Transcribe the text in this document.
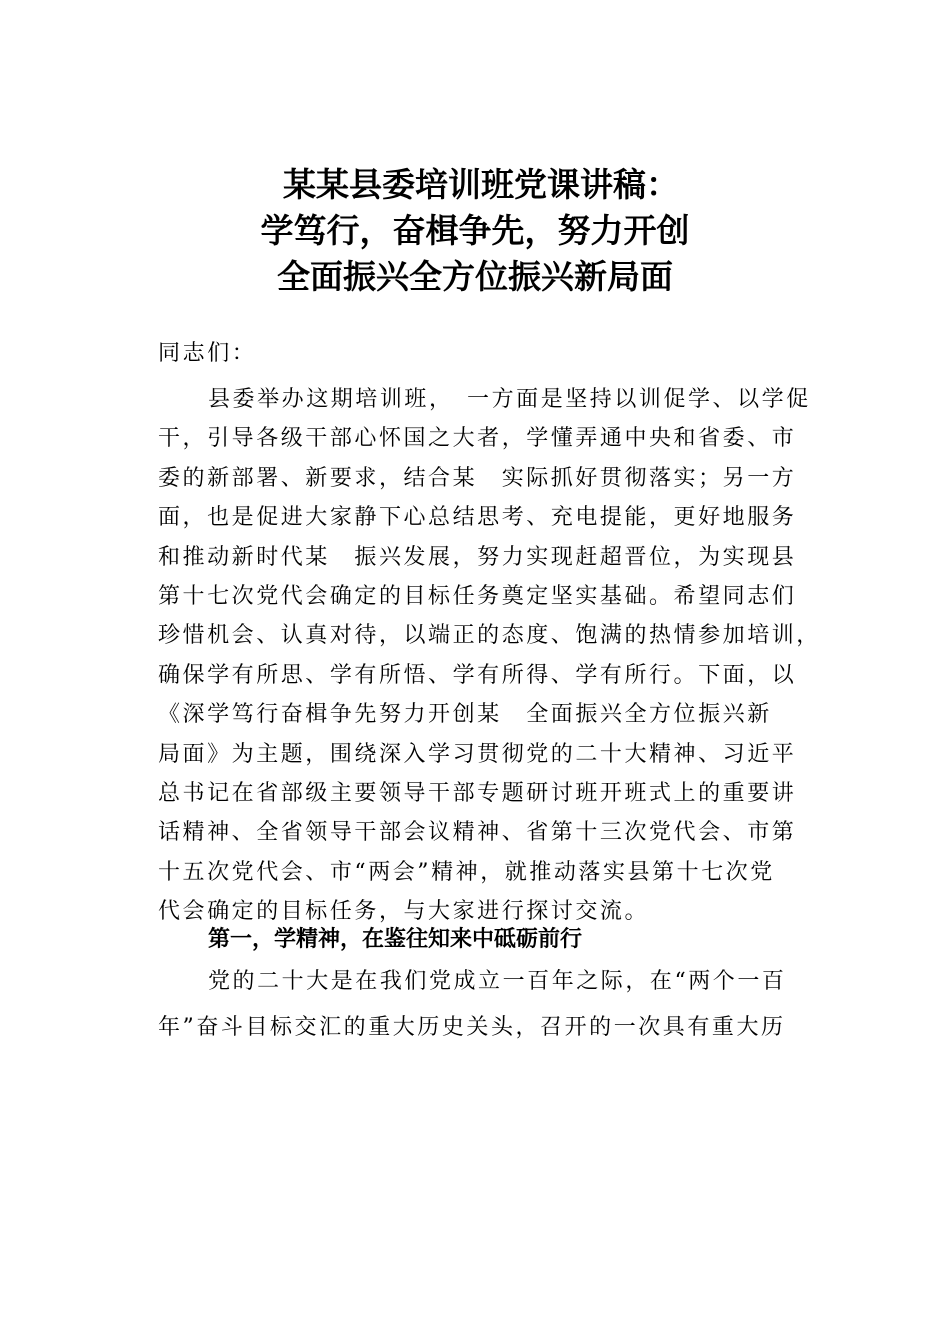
某某县委培训班党课讲稿：
学笃行，奋楫争先，努力开创
全面振兴全方位振兴新局面
同志们：
县委举办这期培训班，　一方面是坚持以训促学、以学促
干，引导各级干部心怀国之大者，学懂弄通中央和省委、市
委的新部署、新要求，结合某　实际抓好贯彻落实；另一方
面，也是促进大家静下心总结思考、充电提能，更好地服务
和推动新时代某　振兴发展，努力实现赶超晋位，为实现县
第十七次党代会确定的目标任务奠定坚实基础。希望同志们
珍惜机会、认真对待，以端正的态度、饱满的热情参加培训，
确保学有所思、学有所悟、学有所得、学有所行。下面，以
《深学笃行奋楫争先努力开创某　全面振兴全方位振兴新
局面》为主题，围绕深入学习贯彻党的二十大精神、习近平
总书记在省部级主要领导干部专题研讨班开班式上的重要讲
话精神、全省领导干部会议精神、省第十三次党代会、市第
十五次党代会、市“两会”精神，就推动落实县第十七次党
代会确定的目标任务，与大家进行探讨交流。
第一，学精神，在鉴往知来中砥砺前行
党的二十大是在我们党成立一百年之际，在“两个一百
年”奋斗目标交汇的重大历史关头，召开的一次具有重大历
